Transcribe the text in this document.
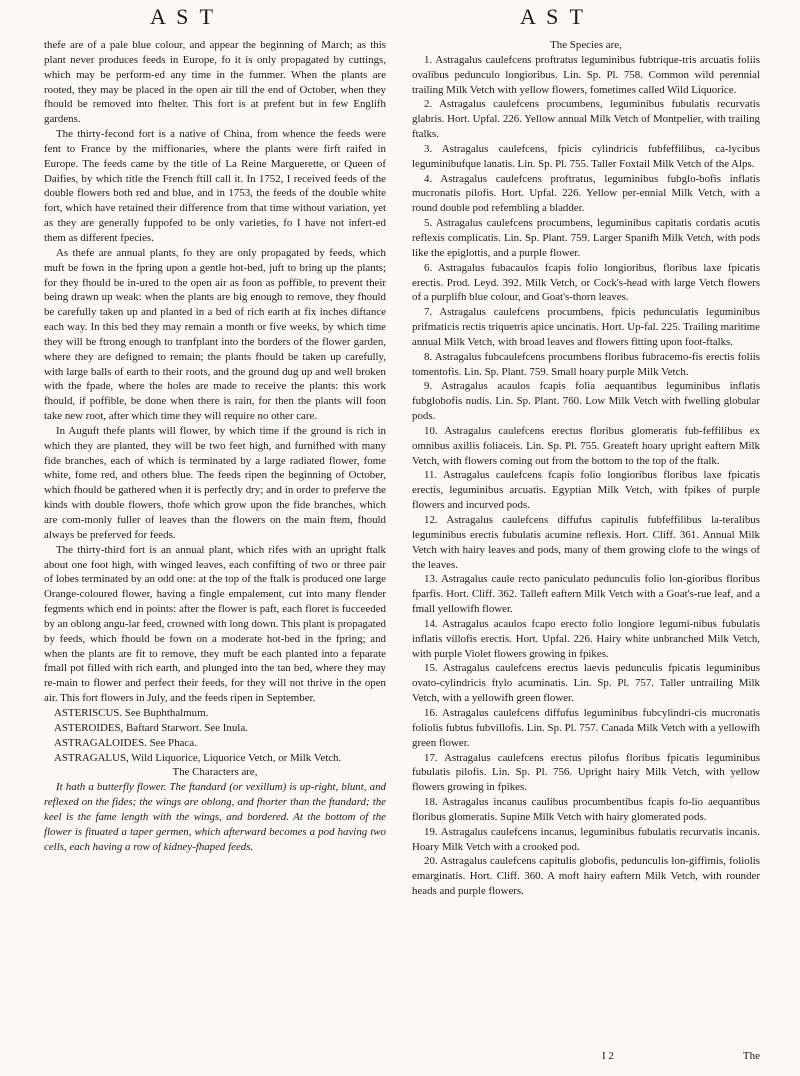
A S T	A S T

thefe are of a pale blue colour, and appear the beginning of March; as this plant never produces feeds in Europe, fo it is only propagated by cuttings, which may be perform-ed any time in the fummer. When the plants are rooted, they may be placed in the open air till the end of October, when they fhould be removed into fhelter. This fort is at prefent but in few Englifh gardens.

The thirty-fecond fort is a native of China, from whence the feeds were fent to France by the miffionaries, where the plants were firft raifed in Europe. The feeds came by the title of La Reine Marguerette, or Queen of Daifies, by which title the French ftill call it. In 1752, I received feeds of the double flowers both red and blue, and in 1753, the feeds of the double white fort, which have retained their difference from that time without variation, yet as they are generally fuppofed to be only varieties, fo I have not infert-ed them as different fpecies.

As thefe are annual plants, fo they are only propagated by feeds, which muft be fown in the fpring upon a gentle hot-bed, juft to bring up the plants; for they fhould be in-ured to the open air as foon as poffible, to prevent their being drawn up weak: when the plants are big enough to remove, they fhould be carefully taken up and planted in a bed of rich earth at fix inches diftance each way. In this bed they may remain a month or five weeks, by which time they will be ftrong enough to tranfplant into the borders of the flower garden, where they are defigned to remain; the plants fhould be taken up carefully, with large balls of earth to their roots, and the ground dug up and well broken with the fpade, where the holes are made to receive the plants: this work fhould, if poffible, be done when there is rain, for then the plants will foon take new root, after which time they will require no other care.

In Auguft thefe plants will flower, by which time if the ground is rich in which they are planted, they will be two feet high, and furnifhed with many fide branches, each of which is terminated by a large radiated flower, fome white, fome red, and others blue. The feeds ripen the beginning of October, which fhould be gathered when it is perfectly dry; and in order to preferve the kinds with double flowers, thofe which grow upon the fide branches, which are com-monly fuller of leaves than the flowers on the main ftem, fhould always be preferved for feeds.

The thirty-third fort is an annual plant, which rifes with an upright ftalk about one foot high, with winged leaves, each confifting of two or three pair of lobes terminated by an odd one: at the top of the ftalk is produced one large Orange-coloured flower, having a fingle empalement, cut into many flender fegments which end in points: after the flower is paft, each floret is fucceeded by an oblong angu-lar feed, crowned with long down. This plant is propagated by feeds, which fhould be fown on a moderate hot-bed in the fpring; and when the plants are fit to remove, they muft be each planted into a feparate fmall pot filled with rich earth, and plunged into the tan bed, where they may re-main to flower and perfect their feeds, for they will not thrive in the open air. This fort flowers in July, and the feeds ripen in September.

ASTERISCUS. See Buphthalmum.

ASTEROIDES, Baftard Starwort. See Inula.

ASTRAGALOIDES. See Phaca.

ASTRAGALUS, Wild Liquorice, Liquorice Vetch, or Milk Vetch.

The Characters are,

It hath a butterfly flower. The ftandard (or vexillum) is up-right, blunt, and reflexed on the fides; the wings are oblong, and fhorter than the ftandard; the keel is the fame length with the wings, and bordered. At the bottom of the flower is fituated a taper germen, which afterward becomes a pod having two cells, each having a row of kidney-fhaped feeds.

The Species are,

1. Astragalus caulefcens proftratus leguminibus fubtrique-tris arcuatis foliis ovalibus pedunculo longioribus. Lin. Sp. Pl. 758. Common wild perennial trailing Milk Vetch with yellow flowers, fometimes called Wild Liquorice.

2. Astragalus caulefcens procumbens, leguminibus fubulatis recurvatis glabris. Hort. Upfal. 226. Yellow annual Milk Vetch of Montpelier, with trailing ftalks.

3. Astragalus caulefcens, fpicis cylindricis fubfeffilibus, ca-lycibus leguminibufque lanatis. Lin. Sp. Pl. 755. Taller Foxtail Milk Vetch of the Alps.

4. Astragalus caulefcens proftratus, leguminibus fubglo-bofis inflatis mucronatis pilofis. Hort. Upfal. 226. Yellow per-ennial Milk Vetch, with a round double pod refembling a bladder.

5. Astragalus caulefcens procumbens, leguminibus capitatis cordatis acutis reflexis complicatis. Lin. Sp. Plant. 759. Larger Spanifh Milk Vetch, with pods like the epiglottis, and a purple flower.

6. Astragalus fubacaulos fcapis folio longioribus, floribus laxe fpicatis erectis. Prod. Leyd. 392. Milk Vetch, or Cock's-head with large Vetch flowers of a purplifh blue colour, and Goat's-thorn leaves.

7. Astragalus caulefcens procumbens, fpicis pedunculatis leguminibus prifmaticis rectis triquetris apice uncinatis. Hort. Up-fal. 225. Trailing maritime annual Milk Vetch, with broad leaves and flowers fitting upon foot-ftalks.

8. Astragalus fubcaulefcens procumbens floribus fubracemo-fis erectis foliis tomentofis. Lin. Sp. Plant. 759. Small hoary purple Milk Vetch.

9. Astragalus acaulos fcapis folia aequantibus leguminibus inflatis fubglobofis nudis. Lin. Sp. Plant. 760. Low Milk Vetch with fwelling globular pods.

10. Astragalus caulefcens erectus floribus glomeratis fub-feffilibus ex omnibus axillis foliaceis. Lin. Sp. Pl. 755. Greateft hoary upright eaftern Milk Vetch, with flowers coming out from the bottom to the top of the ftalk.

11. Astragalus caulefcens fcapis folio longioribus floribus laxe fpicatis erectis, leguminibus arcuatis. Egyptian Milk Vetch, with fpikes of purple flowers and incurved pods.

12. Astragalus caulefcens diffufus capitulis fubfeffilibus la-teralibus leguminibus erectis fubulatis acumine reflexis. Hort. Cliff. 361. Annual Milk Vetch with hairy leaves and pods, many of them growing clofe to the wings of the leaves.

13. Astragalus caule recto paniculato pedunculis folio lon-gioribus floribus fparfis. Hort. Cliff. 362. Talleft eaftern Milk Vetch with a Goat's-rue leaf, and a fmall yellowifh flower.

14. Astragalus acaulos fcapo erecto folio longiore legumi-nibus fubulatis inflatis villofis erectis. Hort. Upfal. 226. Hairy white unbranched Milk Vetch, with purple Violet flowers growing in fpikes.

15. Astragalus caulefcens erectus laevis pedunculis fpicatis leguminibus ovato-cylindricis ftylo acuminatis. Lin. Sp. Pl. 757. Taller untrailing Milk Vetch, with a yellowifh green flower.

16. Astragalus caulefcens diffufus leguminibus fubcylindri-cis mucronatis foliolis fubtus fubvillofis. Lin. Sp. Pl. 757. Canada Milk Vetch with a yellowifh green flower.

17. Astragalus caulefcens erectus pilofus floribus fpicatis leguminibus fubulatis pilofis. Lin. Sp. Pl. 756. Upright hairy Milk Vetch, with yellow flowers growing in fpikes.

18. Astragalus incanus caulibus procumbentibus fcapis fo-lio aequantibus floribus glomeratis. Supine Milk Vetch with hairy glomerated pods.

19. Astragalus caulefcens incanus, leguminibus fubulatis recurvatis incanis. Hoary Milk Vetch with a crooked pod.

20. Astragalus caulefcens capitulis globofis, pedunculis lon-giffimis, foliolis emarginatis. Hort. Cliff. 360. A moft hairy eaftern Milk Vetch, with rounder heads and purple flowers.

I 2	The
